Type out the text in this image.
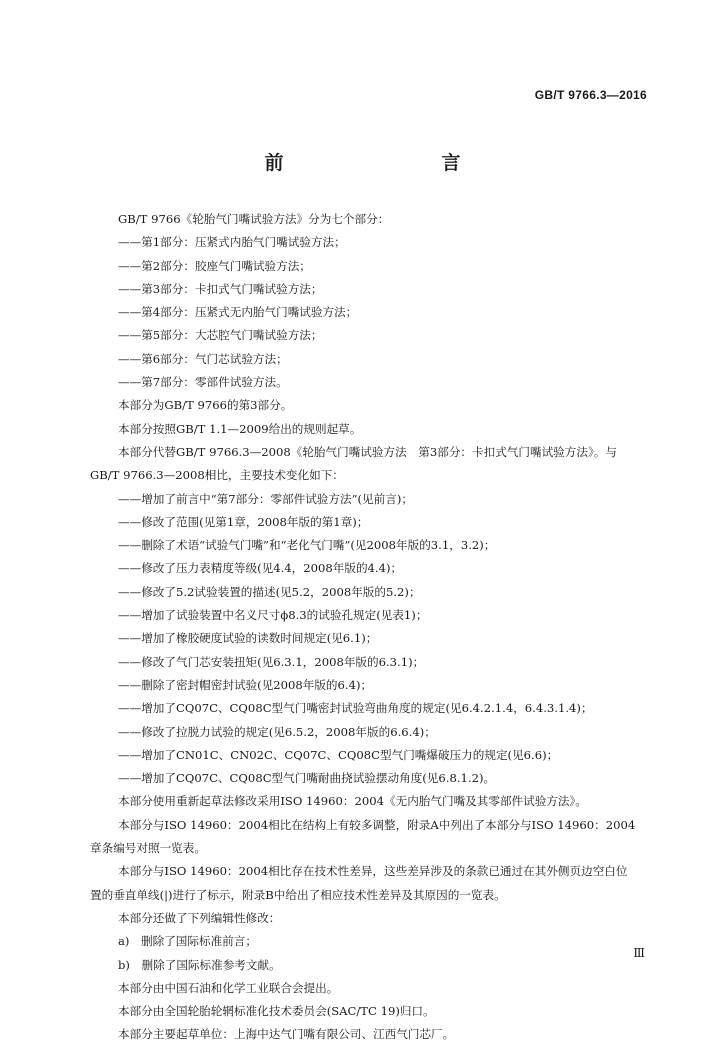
GB/T 9766.3—2016
前　　言
GB/T 9766《轮胎气门嘴试验方法》分为七个部分：
——第1部分：压紧式内胎气门嘴试验方法；
——第2部分：胶座气门嘴试验方法；
——第3部分：卡扣式气门嘴试验方法；
——第4部分：压紧式无内胎气门嘴试验方法；
——第5部分：大芯腔气门嘴试验方法；
——第6部分：气门芯试验方法；
——第7部分：零部件试验方法。
本部分为GB/T 9766的第3部分。
本部分按照GB/T 1.1—2009给出的规则起草。
本部分代替GB/T 9766.3—2008《轮胎气门嘴试验方法　第3部分：卡扣式气门嘴试验方法》。与
GB/T 9766.3—2008相比，主要技术变化如下：
——增加了前言中“第7部分：零部件试验方法”(见前言)；
——修改了范围(见第1章，2008年版的第1章)；
——删除了术语“试验气门嘴”和“老化气门嘴”(见2008年版的3.1，3.2)；
——修改了压力表精度等级(见4.4，2008年版的4.4)；
——修改了5.2试验装置的描述(见5.2，2008年版的5.2)；
——增加了试验装置中名义尺寸ϕ8.3的试验孔规定(见表1)；
——增加了橡胶硬度试验的读数时间规定(见6.1)；
——修改了气门芯安装扭矩(见6.3.1，2008年版的6.3.1)；
——删除了密封帽密封试验(见2008年版的6.4)；
——增加了CQ07C、CQ08C型气门嘴密封试验弯曲角度的规定(见6.4.2.1.4，6.4.3.1.4)；
——修改了拉脱力试验的规定(见6.5.2，2008年版的6.6.4)；
——增加了CN01C、CN02C、CQ07C、CQ08C型气门嘴爆破压力的规定(见6.6)；
——增加了CQ07C、CQ08C型气门嘴耐曲挠试验摆动角度(见6.8.1.2)。
本部分使用重新起草法修改采用ISO 14960：2004《无内胎气门嘴及其零部件试验方法》。
本部分与ISO 14960：2004相比在结构上有较多调整，附录A中列出了本部分与ISO 14960：2004
章条编号对照一览表。
本部分与ISO 14960：2004相比存在技术性差异，这些差异涉及的条款已通过在其外侧页边空白位
置的垂直单线(|)进行了标示，附录B中给出了相应技术性差异及其原因的一览表。
本部分还做了下列编辑性修改：
a)　删除了国际标准前言；
b)　删除了国际标准参考文献。
本部分由中国石油和化学工业联合会提出。
本部分由全国轮胎轮辋标准化技术委员会(SAC/TC 19)归口。
本部分主要起草单位：上海中达气门嘴有限公司、江西气门芯厂。
Ⅲ
